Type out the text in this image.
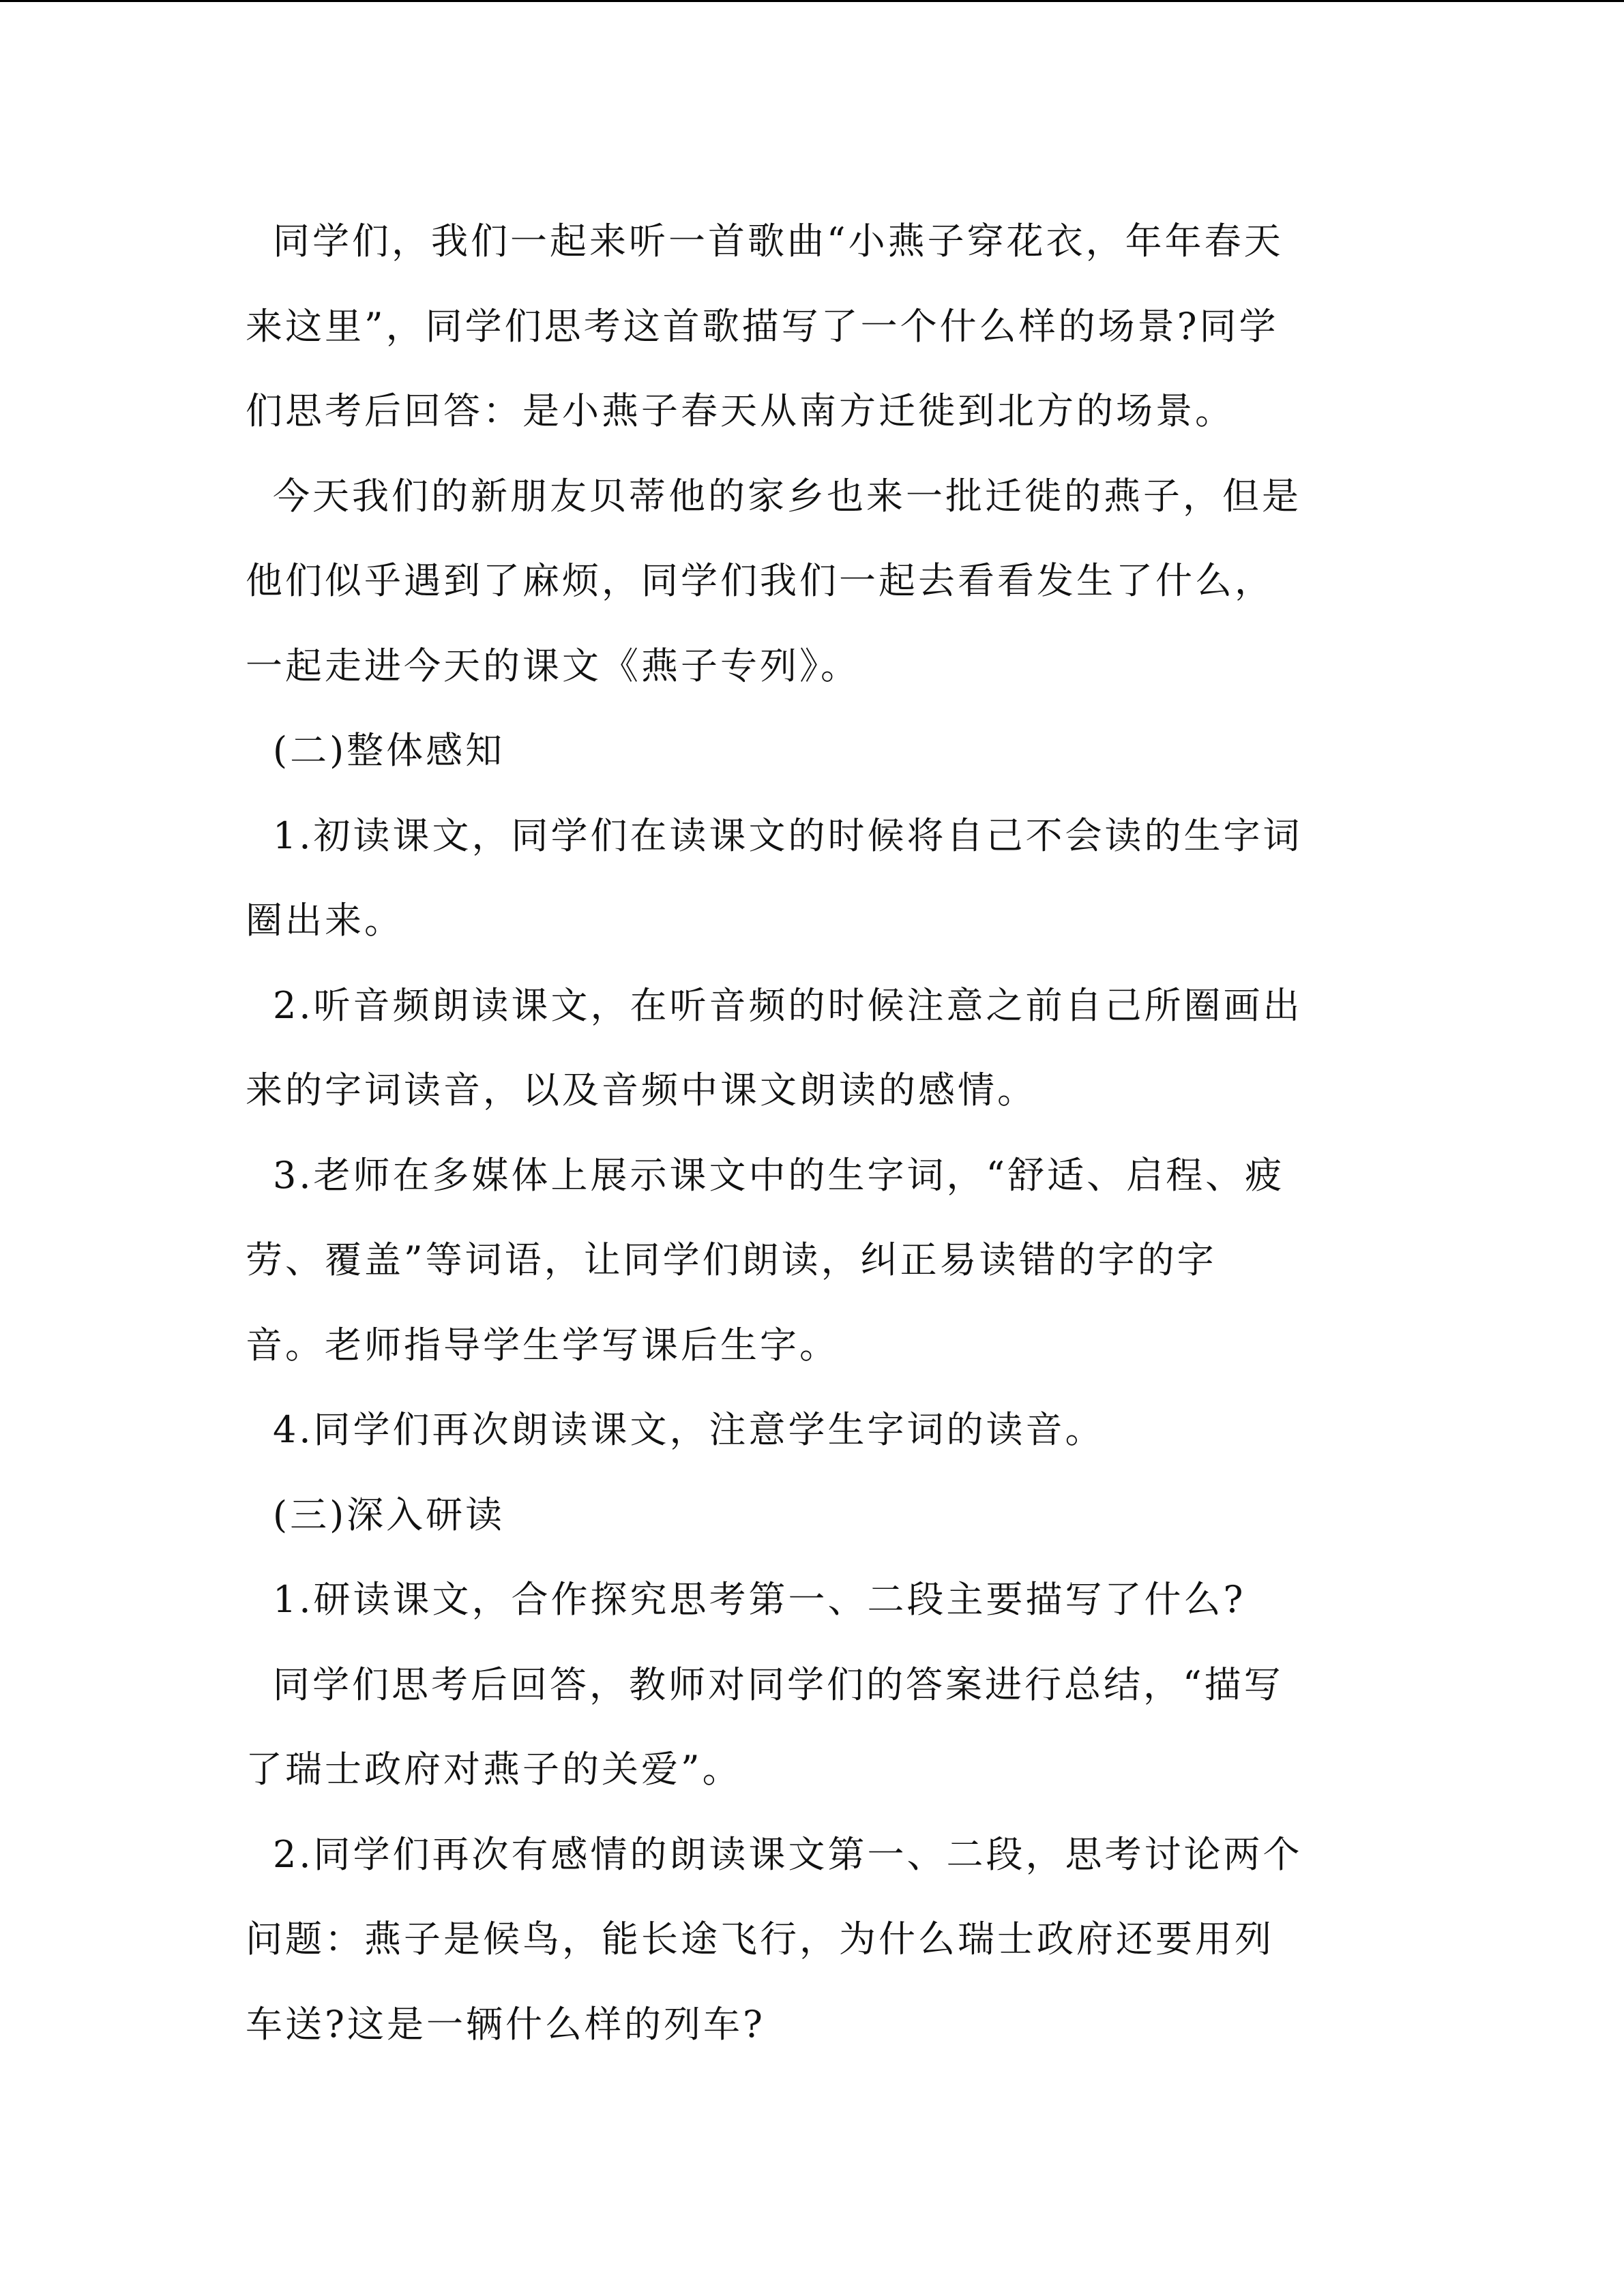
同学们，我们一起来听一首歌曲“小燕子穿花衣，年年春天
来这里”，同学们思考这首歌描写了一个什么样的场景?同学
们思考后回答：是小燕子春天从南方迁徙到北方的场景。
今天我们的新朋友贝蒂他的家乡也来一批迁徙的燕子，但是
他们似乎遇到了麻烦，同学们我们一起去看看发生了什么，
一起走进今天的课文《燕子专列》。
(二)整体感知
1.初读课文，同学们在读课文的时候将自己不会读的生字词
圈出来。
2.听音频朗读课文，在听音频的时候注意之前自己所圈画出
来的字词读音，以及音频中课文朗读的感情。
3.老师在多媒体上展示课文中的生字词，“舒适、启程、疲
劳、覆盖”等词语，让同学们朗读，纠正易读错的字的字
音。老师指导学生学写课后生字。
4.同学们再次朗读课文，注意学生字词的读音。
(三)深入研读
1.研读课文，合作探究思考第一、二段主要描写了什么?
同学们思考后回答，教师对同学们的答案进行总结，“描写
了瑞士政府对燕子的关爱”。
2.同学们再次有感情的朗读课文第一、二段，思考讨论两个
问题：燕子是候鸟，能长途飞行，为什么瑞士政府还要用列
车送?这是一辆什么样的列车?
